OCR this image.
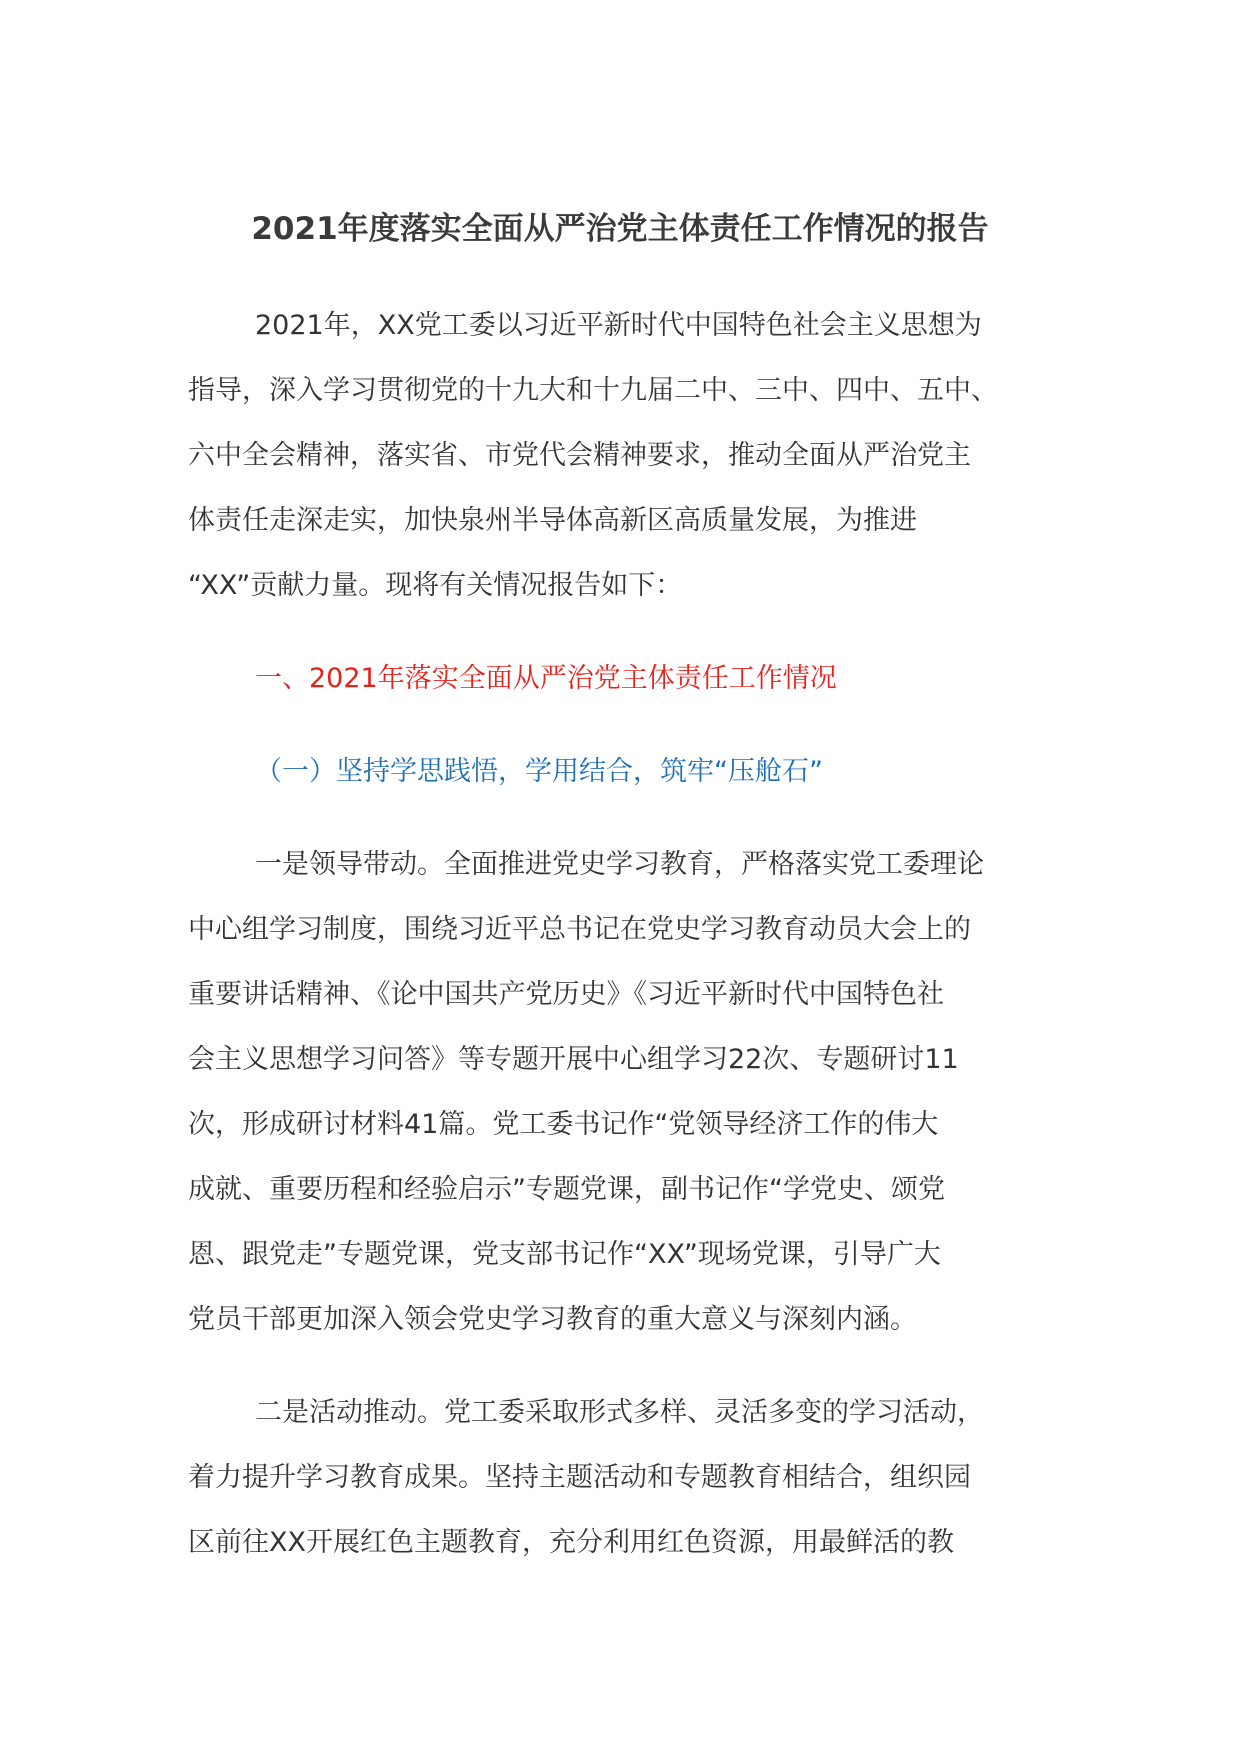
2021年度落实全面从严治党主体责任工作情况的报告

2021年，XX党工委以习近平新时代中国特色社会主义思想为

指导，深入学习贯彻党的十九大和十九届二中、三中、四中、五中、

六中全会精神，落实省、市党代会精神要求，推动全面从严治党主

体责任走深走实，加快泉州半导体高新区高质量发展，为推进

“XX”贡献力量。现将有关情况报告如下：

一、2021年落实全面从严治党主体责任工作情况

（一）坚持学思践悟，学用结合，筑牢“压舱石”

一是领导带动。全面推进党史学习教育，严格落实党工委理论

中心组学习制度，围绕习近平总书记在党史学习教育动员大会上的

重要讲话精神、《论中国共产党历史》《习近平新时代中国特色社

会主义思想学习问答》等专题开展中心组学习22次、专题研讨11

次，形成研讨材料41篇。党工委书记作“党领导经济工作的伟大

成就、重要历程和经验启示”专题党课，副书记作“学党史、颂党

恩、跟党走”专题党课，党支部书记作“XX”现场党课，引导广大

党员干部更加深入领会党史学习教育的重大意义与深刻内涵。

二是活动推动。党工委采取形式多样、灵活多变的学习活动，

着力提升学习教育成果。坚持主题活动和专题教育相结合，组织园

区前往XX开展红色主题教育，充分利用红色资源，用最鲜活的教
